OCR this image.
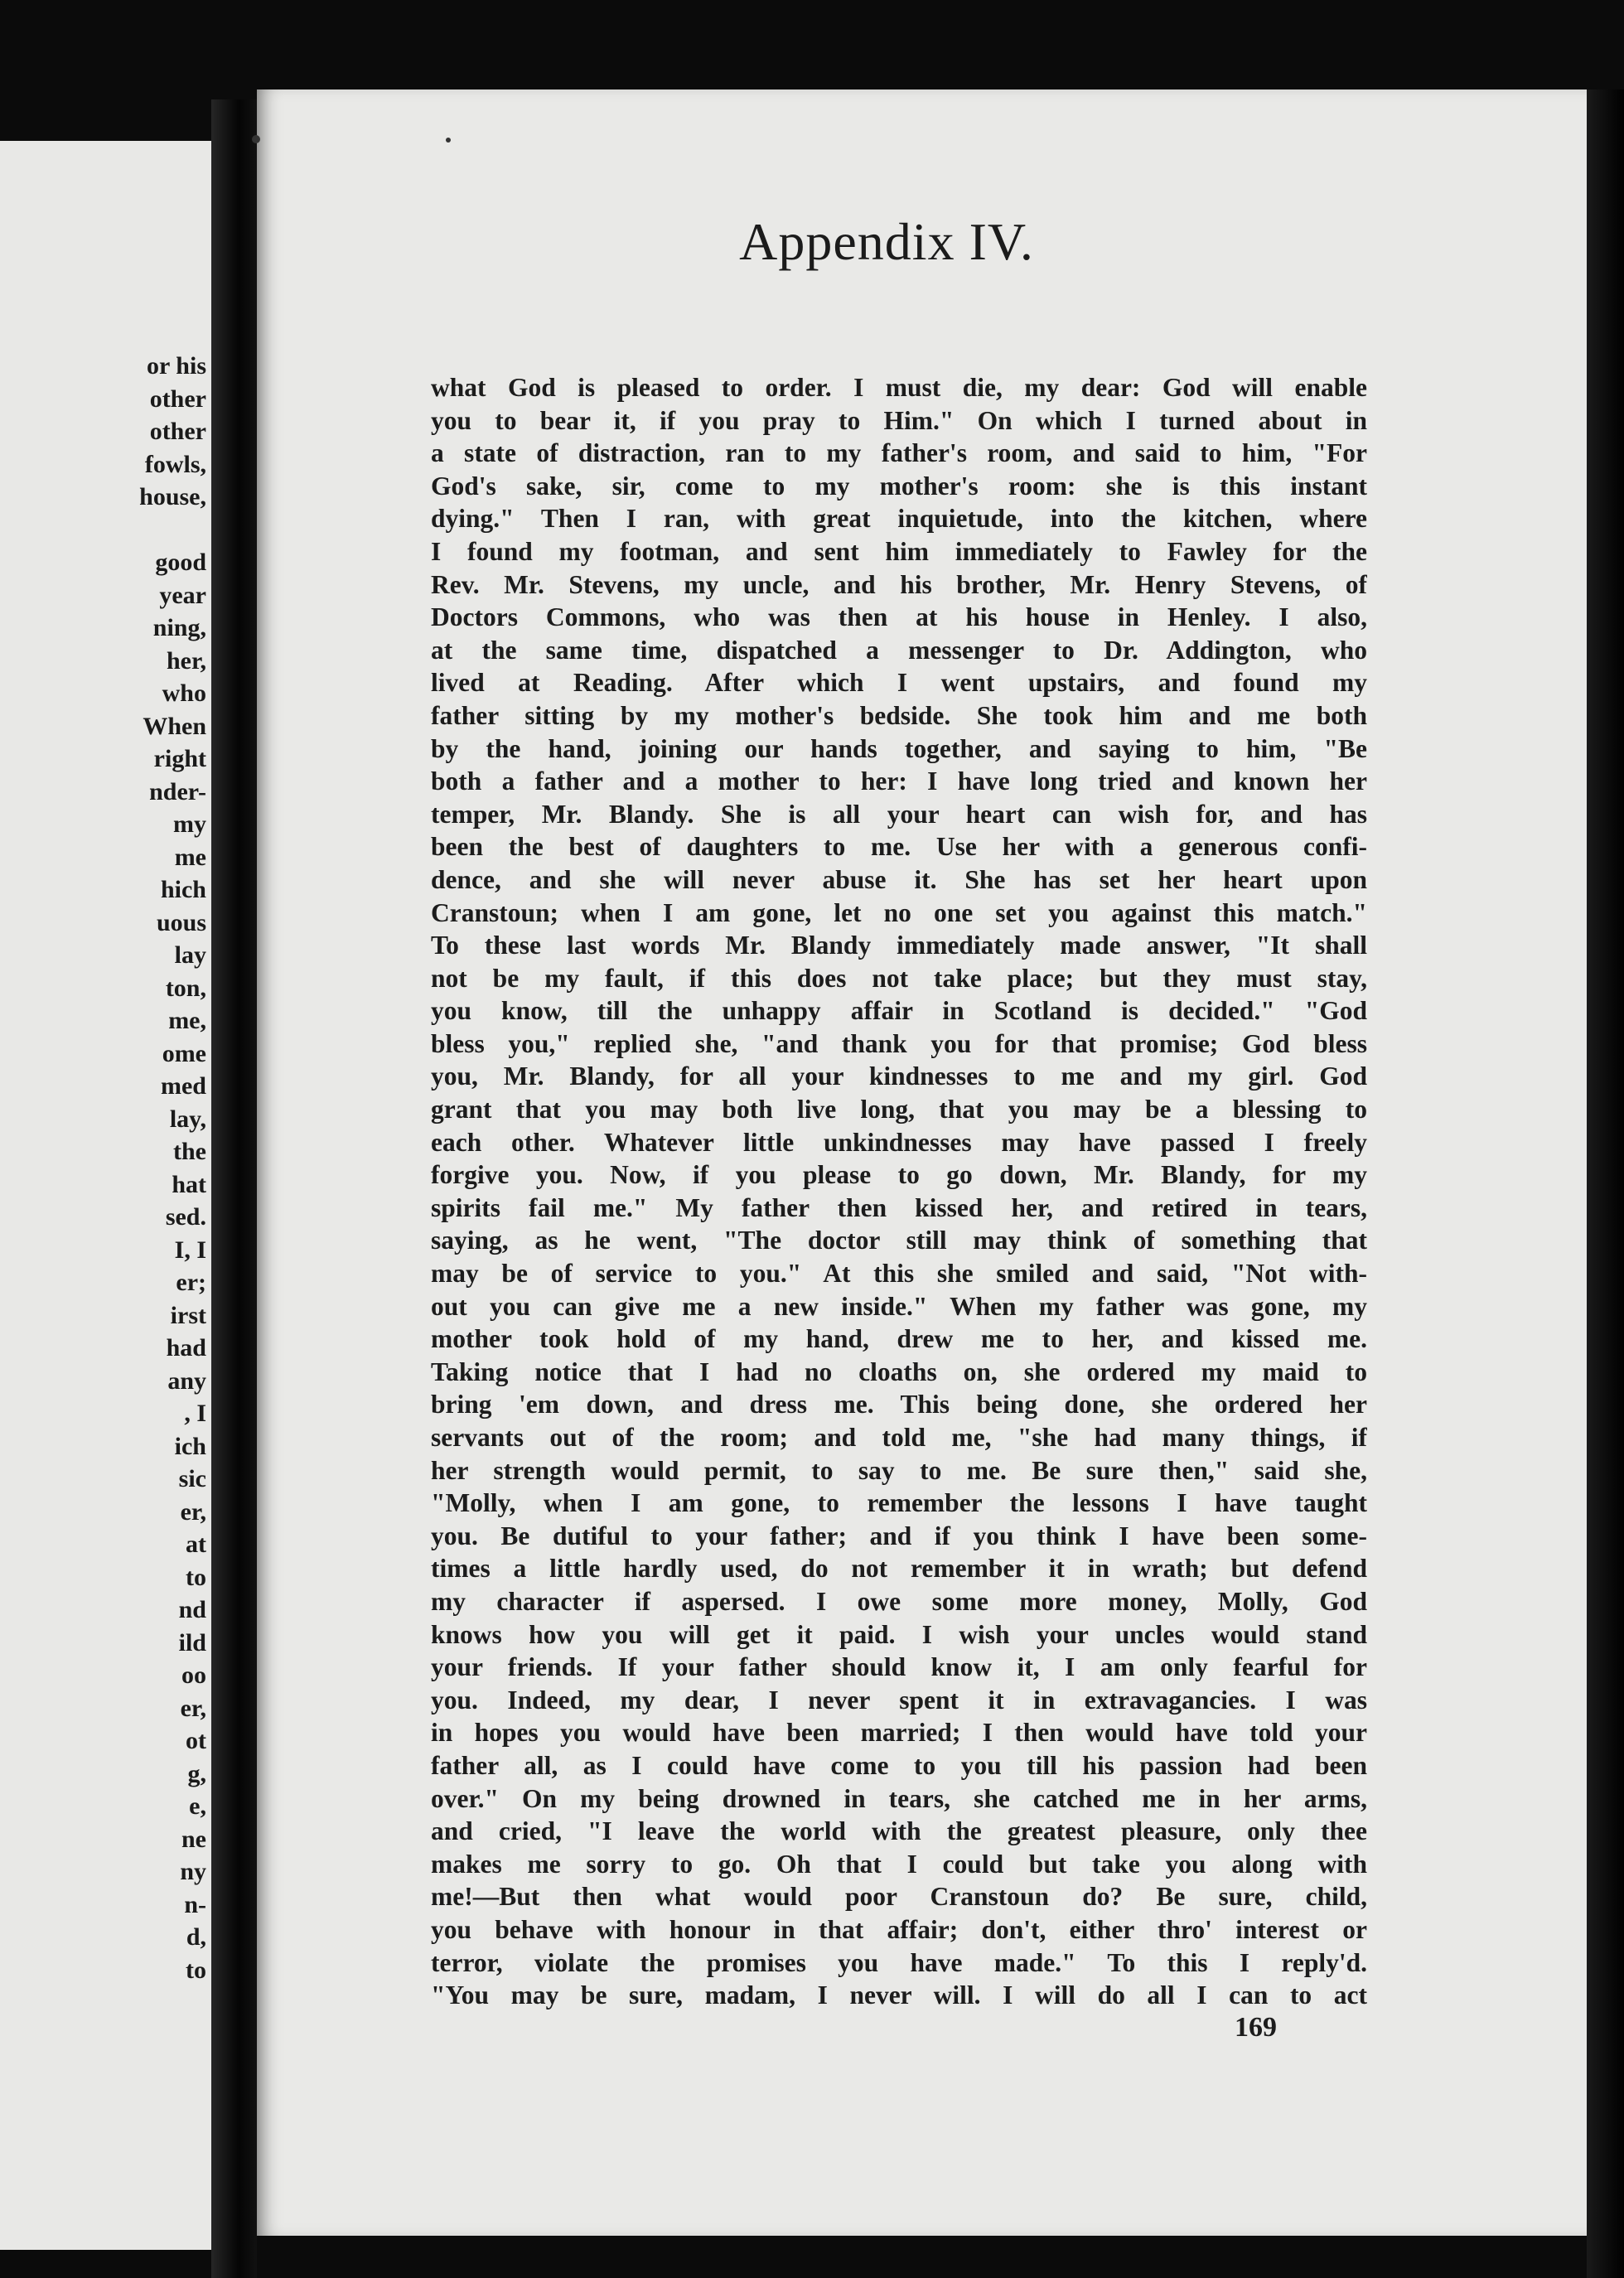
or his
other
other
fowls,
house,
good
year
ning,
her,
who
When
right
nder-
my
me
hich
uous
lay
ton,
me,
ome
med
lay,
the
hat
sed.
I, I
er;
irst
had
any
, I
ich
sic
er,
at
to
nd
ild
oo
er,
ot
g,
e,
ne
ny
n-
d,
to
Appendix IV.
what God is pleased to order. I must die, my dear: God will enable
you to bear it, if you pray to Him." On which I turned about in
a state of distraction, ran to my father's room, and said to him, "For
God's sake, sir, come to my mother's room: she is this instant
dying." Then I ran, with great inquietude, into the kitchen, where
I found my footman, and sent him immediately to Fawley for the
Rev. Mr. Stevens, my uncle, and his brother, Mr. Henry Stevens, of
Doctors Commons, who was then at his house in Henley. I also,
at the same time, dispatched a messenger to Dr. Addington, who
lived at Reading. After which I went upstairs, and found my
father sitting by my mother's bedside. She took him and me both
by the hand, joining our hands together, and saying to him, "Be
both a father and a mother to her: I have long tried and known her
temper, Mr. Blandy. She is all your heart can wish for, and has
been the best of daughters to me. Use her with a generous confi-
dence, and she will never abuse it. She has set her heart upon
Cranstoun; when I am gone, let no one set you against this match."
To these last words Mr. Blandy immediately made answer, "It shall
not be my fault, if this does not take place; but they must stay,
you know, till the unhappy affair in Scotland is decided." "God
bless you," replied she, "and thank you for that promise; God bless
you, Mr. Blandy, for all your kindnesses to me and my girl. God
grant that you may both live long, that you may be a blessing to
each other. Whatever little unkindnesses may have passed I freely
forgive you. Now, if you please to go down, Mr. Blandy, for my
spirits fail me." My father then kissed her, and retired in tears,
saying, as he went, "The doctor still may think of something that
may be of service to you." At this she smiled and said, "Not with-
out you can give me a new inside." When my father was gone, my
mother took hold of my hand, drew me to her, and kissed me.
Taking notice that I had no cloaths on, she ordered my maid to
bring 'em down, and dress me. This being done, she ordered her
servants out of the room; and told me, "she had many things, if
her strength would permit, to say to me. Be sure then," said she,
"Molly, when I am gone, to remember the lessons I have taught
you. Be dutiful to your father; and if you think I have been some-
times a little hardly used, do not remember it in wrath; but defend
my character if aspersed. I owe some more money, Molly, God
knows how you will get it paid. I wish your uncles would stand
your friends. If your father should know it, I am only fearful for
you. Indeed, my dear, I never spent it in extravagancies. I was
in hopes you would have been married; I then would have told your
father all, as I could have come to you till his passion had been
over." On my being drowned in tears, she catched me in her arms,
and cried, "I leave the world with the greatest pleasure, only thee
makes me sorry to go. Oh that I could but take you along with
me!—But then what would poor Cranstoun do? Be sure, child,
you behave with honour in that affair; don't, either thro' interest or
terror, violate the promises you have made." To this I reply'd.
"You may be sure, madam, I never will. I will do all I can to act
169
